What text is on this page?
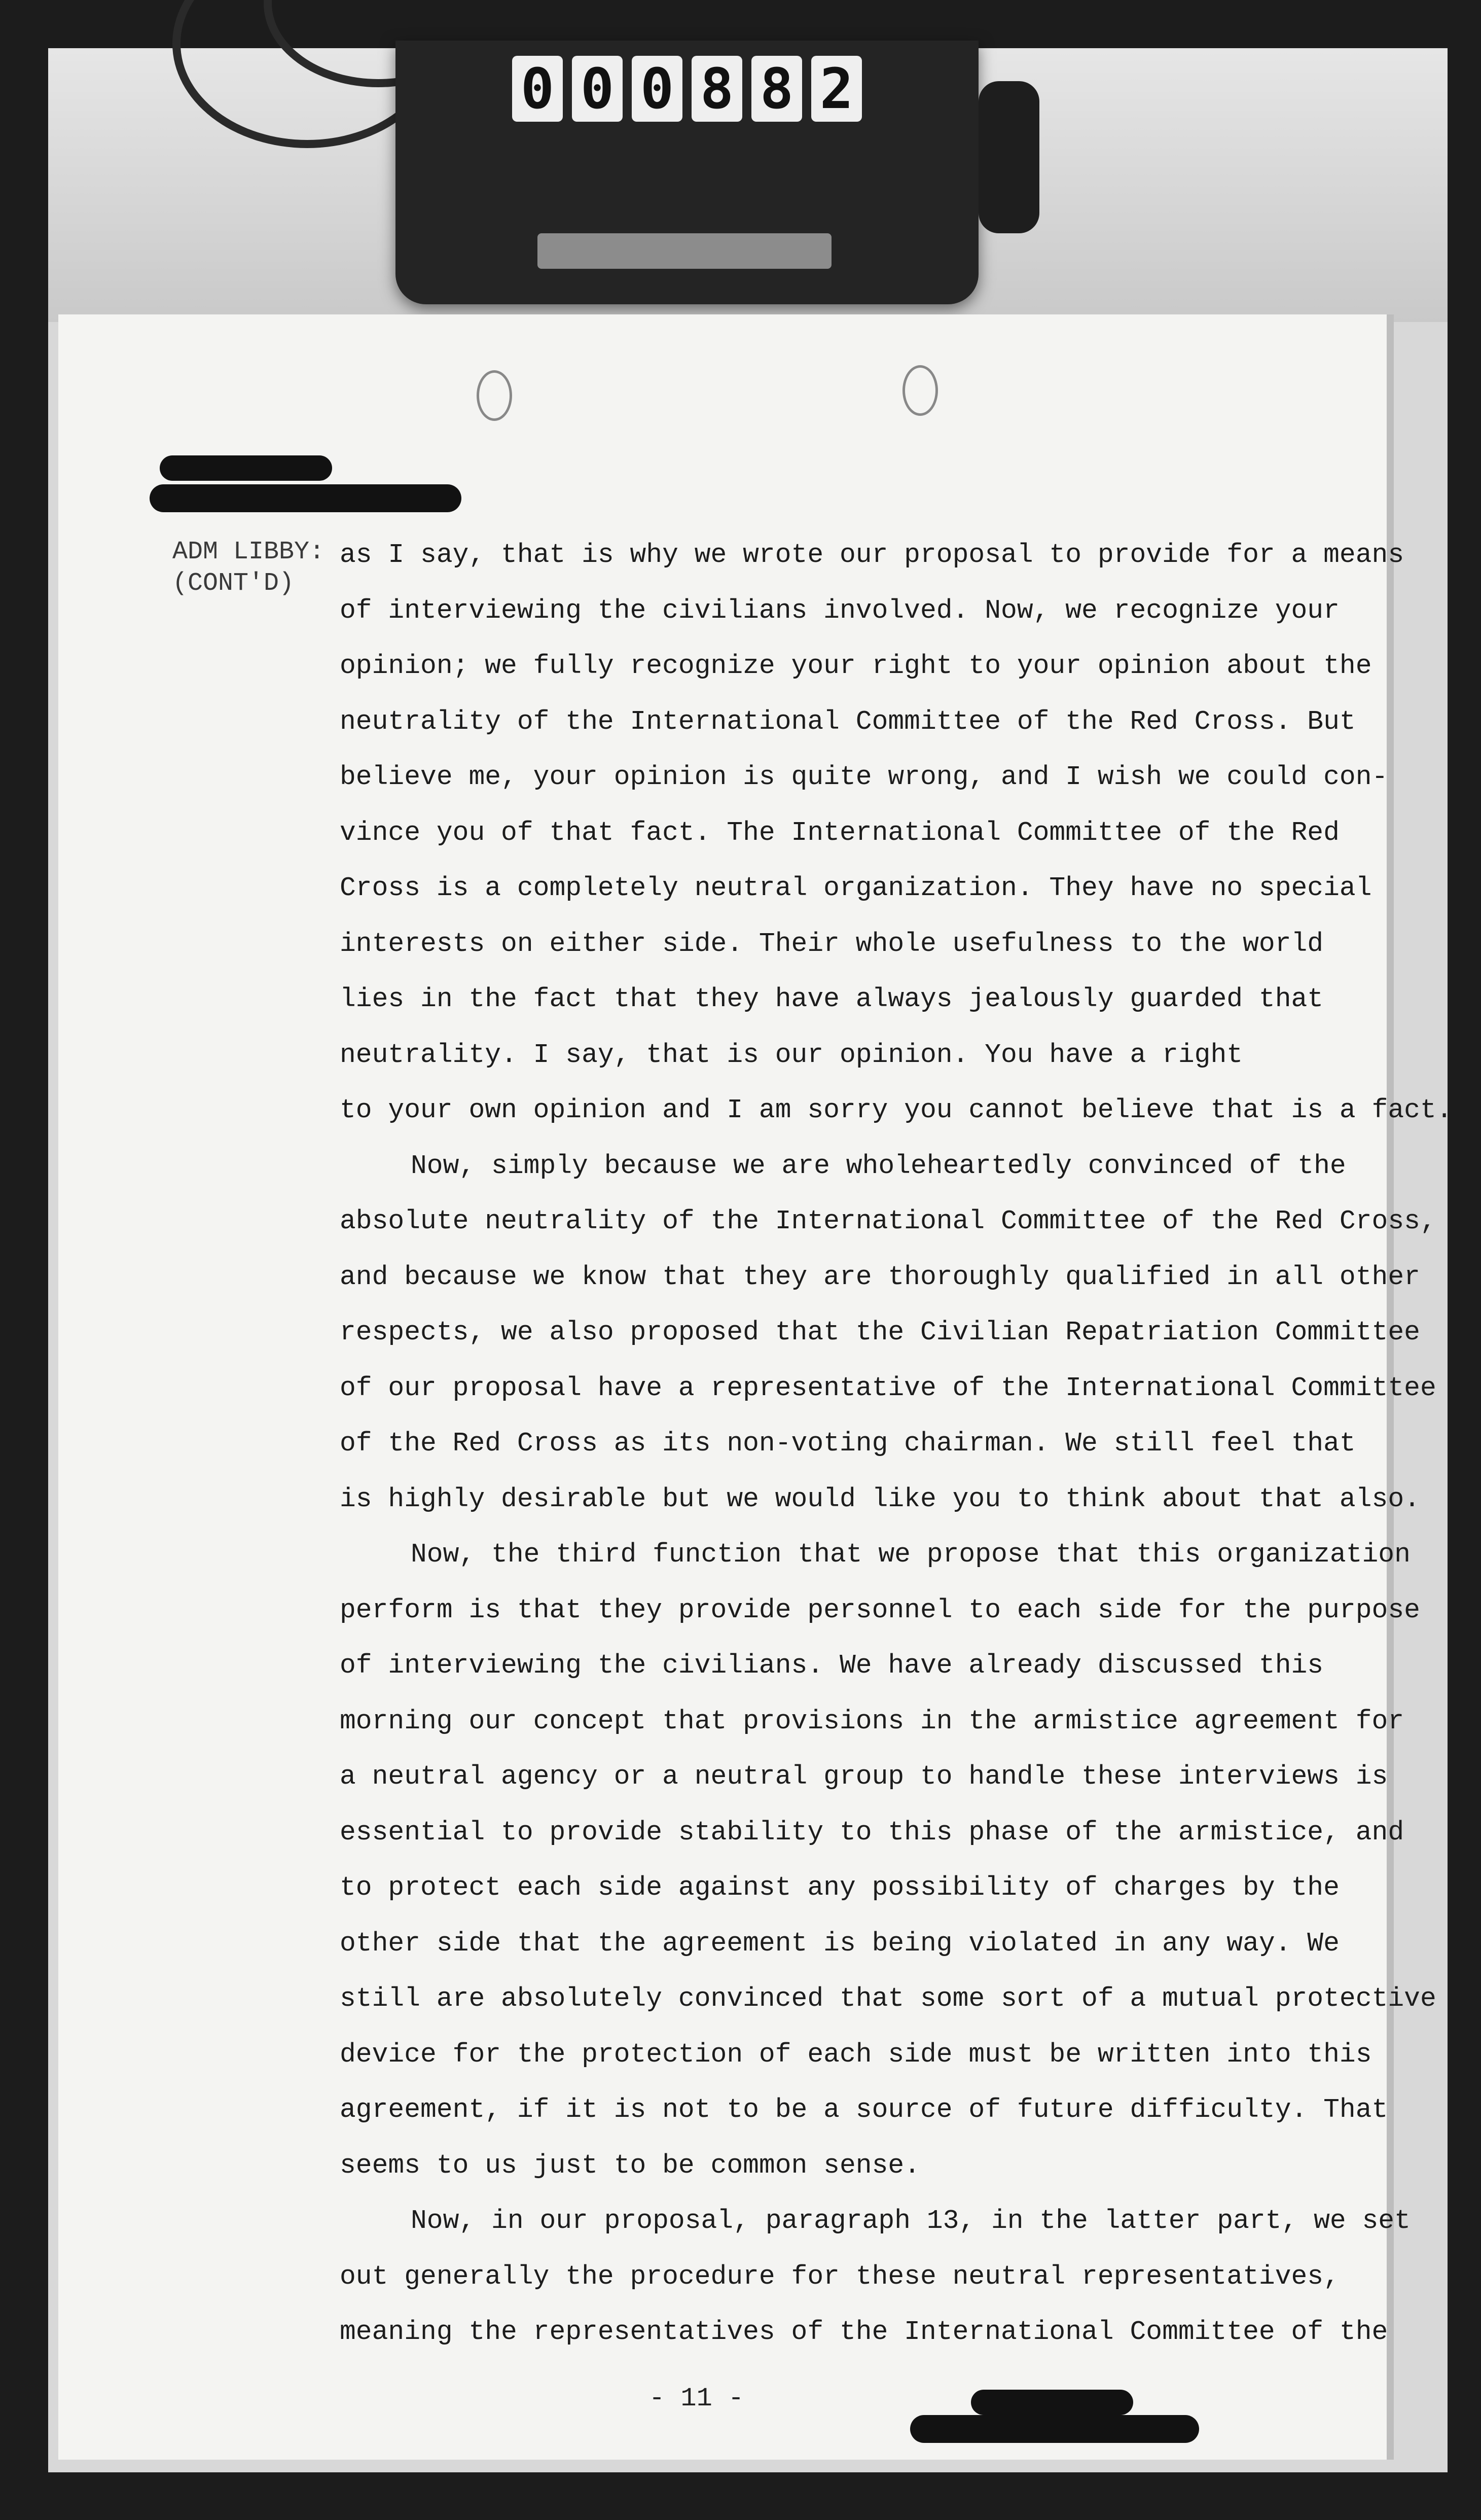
0 0 0 8 8 2
ADM LIBBY:
(CONT'D)
as I say, that is why we wrote our proposal to provide for a means
of interviewing the civilians involved. Now, we recognize your
opinion; we fully recognize your right to your opinion about the
neutrality of the International Committee of the Red Cross. But
believe me, your opinion is quite wrong, and I wish we could con-
vince you of that fact. The International Committee of the Red
Cross is a completely neutral organization. They have no special
interests on either side. Their whole usefulness to the world
lies in the fact that they have always jealously guarded that
neutrality. I say, that is our opinion. You have a right
to your own opinion and I am sorry you cannot believe that is a fact.
Now, simply because we are wholeheartedly convinced of the
absolute neutrality of the International Committee of the Red Cross,
and because we know that they are thoroughly qualified in all other
respects, we also proposed that the Civilian Repatriation Committee
of our proposal have a representative of the International Committee
of the Red Cross as its non-voting chairman. We still feel that
is highly desirable but we would like you to think about that also.
Now, the third function that we propose that this organization
perform is that they provide personnel to each side for the purpose
of interviewing the civilians. We have already discussed this
morning our concept that provisions in the armistice agreement for
a neutral agency or a neutral group to handle these interviews is
essential to provide stability to this phase of the armistice, and
to protect each side against any possibility of charges by the
other side that the agreement is being violated in any way. We
still are absolutely convinced that some sort of a mutual protective
device for the protection of each side must be written into this
agreement, if it is not to be a source of future difficulty. That
seems to us just to be common sense.
Now, in our proposal, paragraph 13, in the latter part, we set
out generally the procedure for these neutral representatives,
meaning the representatives of the International Committee of the
- 11 -
